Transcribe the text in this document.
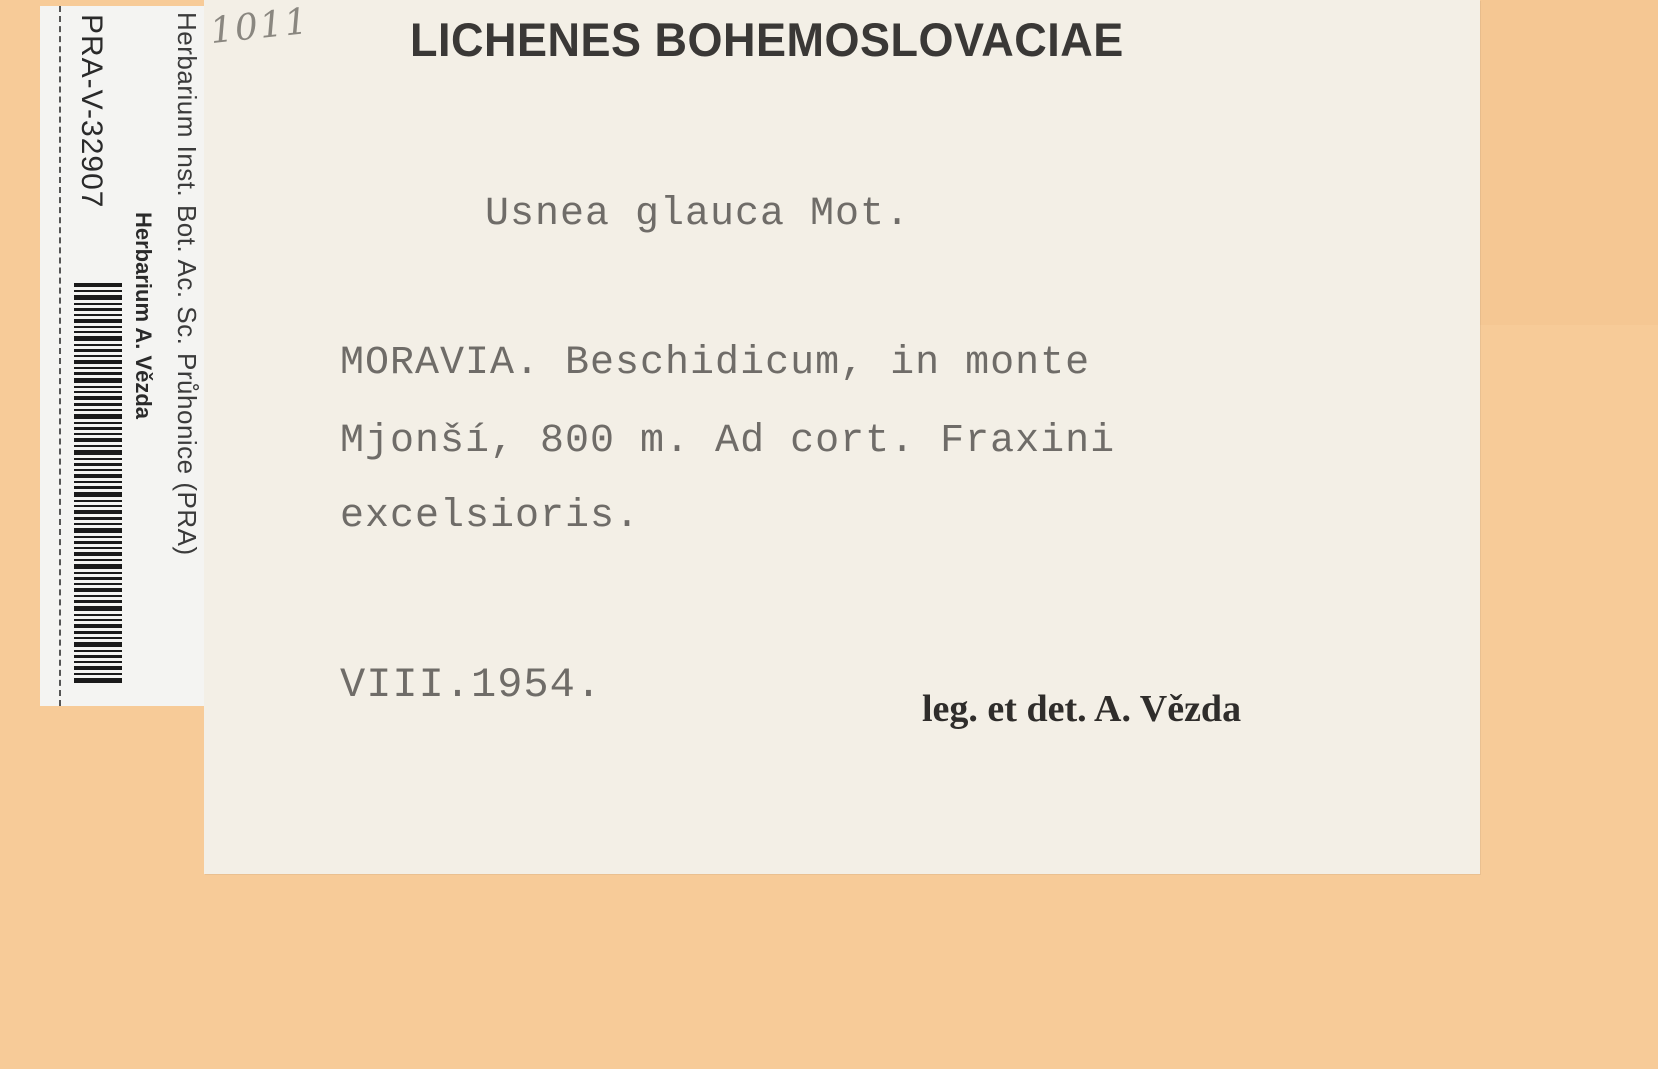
1011 LICHENES BOHEMOSLOVACIAE
Usnea glauca Mot.
MORAVIA. Beschidicum, in monte
Mjonší, 800 m. Ad cort. Fraxini
excelsioris.
VIII.1954.	leg. et det. A. Vězda
Herbarium Inst. Bot. Ac. Sc. Průhonice (PRA)
Herbarium A. Vězda
PRA-V-32907
